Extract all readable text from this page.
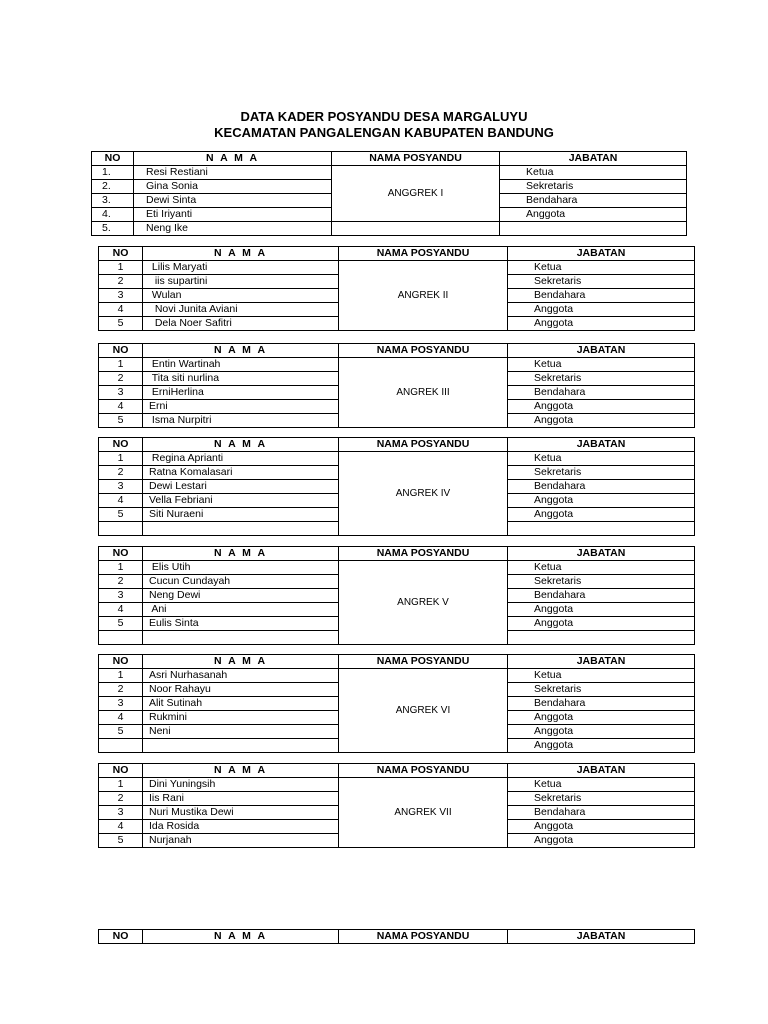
DATA KADER POSYANDU DESA MARGALUYU
KECAMATAN PANGALENGAN KABUPATEN BANDUNG
NO	N A M A	NAMA POSYANDU	JABATAN
1.	Resi Restiani	ANGGREK I	Ketua
2.	Gina Sonia		Sekretaris
3.	Dewi Sinta		Bendahara
4.	Eti Iriyanti		Anggota
5.	Neng Ike		
NO	N A M A	NAMA POSYANDU	JABATAN
1	Lilis Maryati	ANGREK II	Ketua
2	iis supartini		Sekretaris
3	Wulan		Bendahara
4	Novi Junita Aviani		Anggota
5	Dela Noer Safitri		Anggota
NO	N A M A	NAMA POSYANDU	JABATAN
1	Entin Wartinah	ANGREK III	Ketua
2	Tita siti nurlina		Sekretaris
3	ErniHerlina		Bendahara
4	Erni		Anggota
5	Isma Nurpitri		Anggota
NO	N A M A	NAMA POSYANDU	JABATAN
1	Regina Aprianti	ANGREK IV	Ketua
2	Ratna Komalasari		Sekretaris
3	Dewi Lestari		Bendahara
4	Vella Febriani		Anggota
5	Siti Nuraeni		Anggota

NO	N A M A	NAMA POSYANDU	JABATAN
1	Elis Utih	ANGREK V	Ketua
2	Cucun Cundayah		Sekretaris
3	Neng Dewi		Bendahara
4	Ani		Anggota
5	Eulis Sinta		Anggota

NO	N A M A	NAMA POSYANDU	JABATAN
1	Asri Nurhasanah	ANGREK VI	Ketua
2	Noor Rahayu		Sekretaris
3	Alit Sutinah		Bendahara
4	Rukmini		Anggota
5	Neni		Anggota
			Anggota
NO	N A M A	NAMA POSYANDU	JABATAN
1	Dini Yuningsih	ANGREK VII	Ketua
2	Iis Rani		Sekretaris
3	Nuri Mustika Dewi		Bendahara
4	Ida Rosida		Anggota
5	Nurjanah		Anggota
NO	N A M A	NAMA POSYANDU	JABATAN
